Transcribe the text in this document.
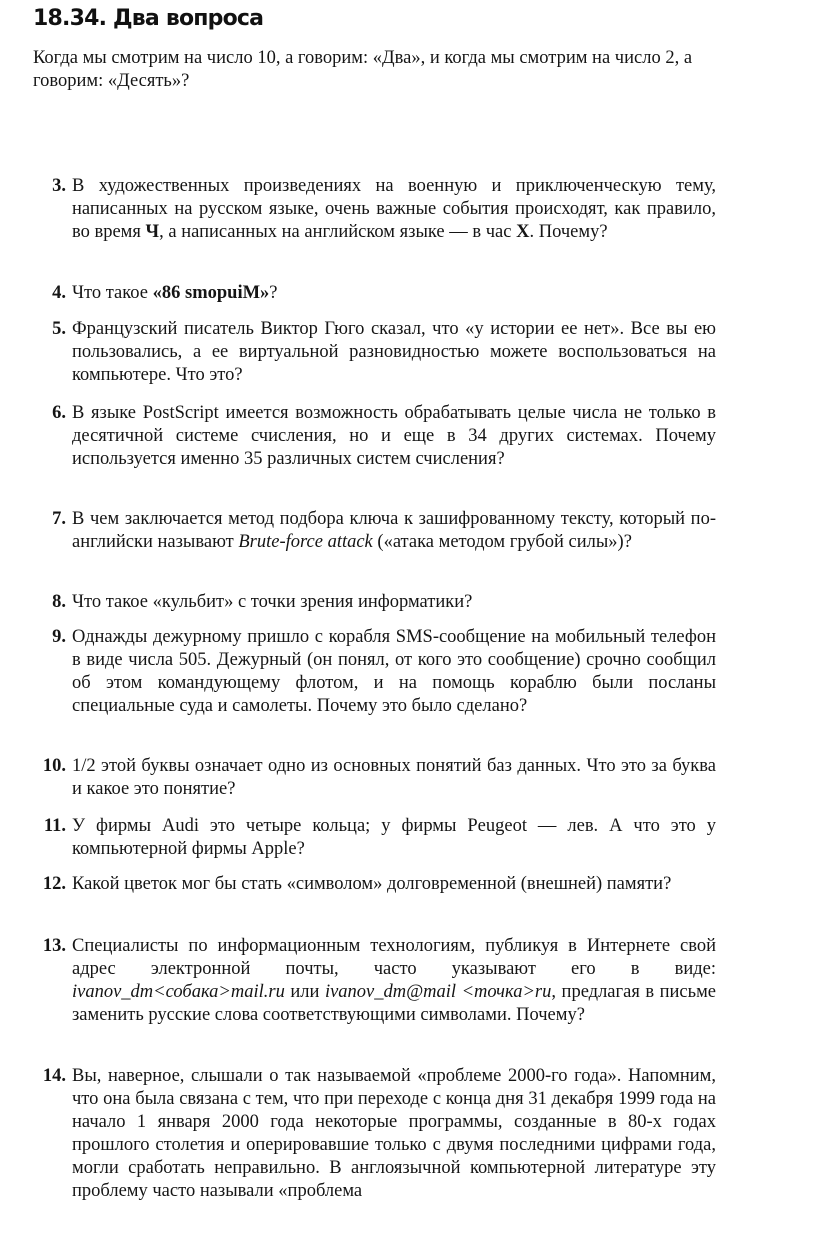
18.34. Два вопроса
Когда мы смотрим на число 10, а говорим: «Два», и когда мы смотрим на число 2, а говорим: «Десять»?
3. В художественных произведениях на военную и приключенческую тему, написанных на русском языке, очень важные события происходят, как правило, во время Ч, а написанных на английском языке — в час X. Почему?
4. Что такое «86 smopuiM»?
5. Французский писатель Виктор Гюго сказал, что «у истории ее нет». Все вы ею пользовались, а ее виртуальной разновидностью можете воспользоваться на компьютере. Что это?
6. В языке PostScript имеется возможность обрабатывать целые числа не только в десятичной системе счисления, но и еще в 34 других системах. Почему используется именно 35 различных систем счисления?
7. В чем заключается метод подбора ключа к зашифрованному тексту, который по-английски называют Brute-force attack («атака методом грубой силы»)?
8. Что такое «кульбит» с точки зрения информатики?
9. Однажды дежурному пришло с корабля SMS-сообщение на мобильный телефон в виде числа 505. Дежурный (он понял, от кого это сообщение) срочно сообщил об этом командующему флотом, и на помощь кораблю были посланы специальные суда и самолеты. Почему это было сделано?
10. 1/2 этой буквы означает одно из основных понятий баз данных. Что это за буква и какое это понятие?
11. У фирмы Audi это четыре кольца; у фирмы Peugeot — лев. А что это у компьютерной фирмы Apple?
12. Какой цветок мог бы стать «символом» долговременной (внешней) памяти?
13. Специалисты по информационным технологиям, публикуя в Интернете свой адрес электронной почты, часто указывают его в виде: ivanov_dm<собака>mail.ru или ivanov_dm@mail <точка>ru, предлагая в письме заменить русские слова соответствующими символами. Почему?
14. Вы, наверное, слышали о так называемой «проблеме 2000-го года». Напомним, что она была связана с тем, что при переходе с конца дня 31 декабря 1999 года на начало 1 января 2000 года некоторые программы, созданные в 80-х годах прошлого столетия и оперировавшие только с двумя последними цифрами года, могли сработать неправильно. В англоязычной компьютерной литературе эту проблему часто называли «проблема
